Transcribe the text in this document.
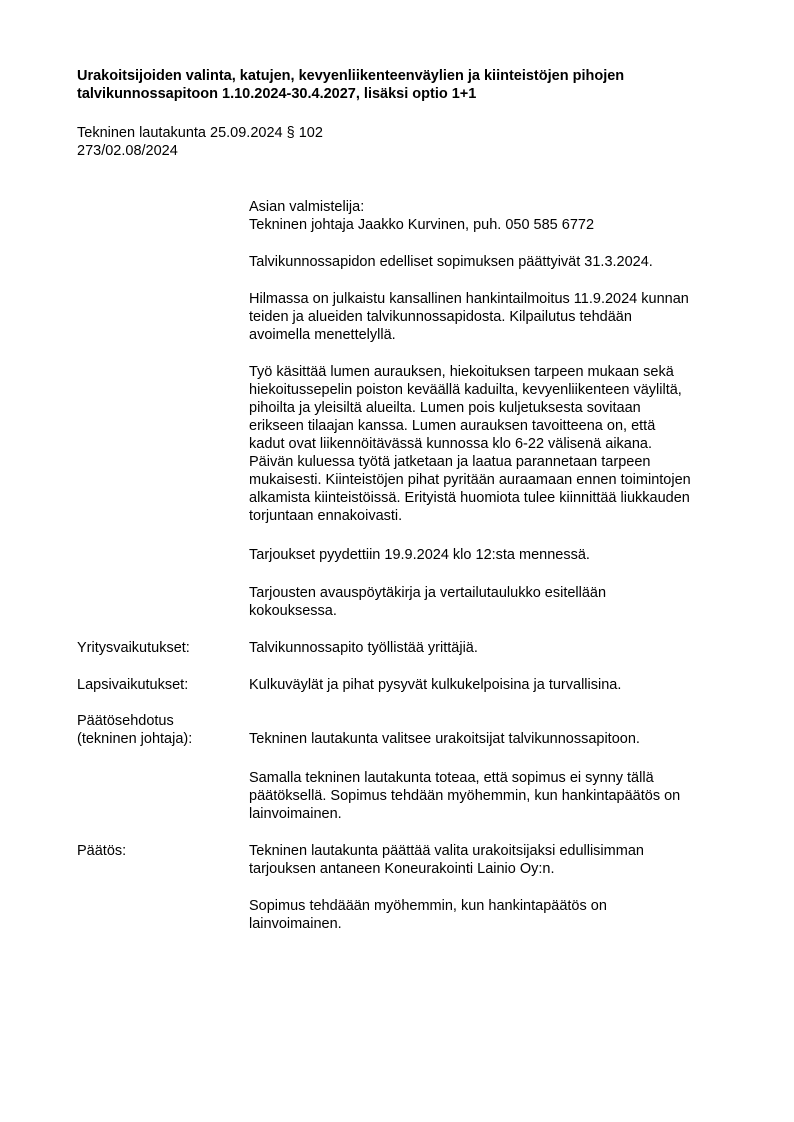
Urakoitsijoiden valinta, katujen, kevyenliikenteenväylien ja kiinteistöjen pihojen
talvikunnossapitoon 1.10.2024-30.4.2027, lisäksi optio 1+1
Tekninen lautakunta 25.09.2024 § 102
273/02.08/2024
Asian valmistelija:
Tekninen johtaja Jaakko Kurvinen, puh. 050 585 6772
Talvikunnossapidon edelliset sopimuksen päättyivät 31.3.2024.
Hilmassa on julkaistu kansallinen hankintailmoitus 11.9.2024 kunnan
teiden ja alueiden talvikunnossapidosta. Kilpailutus tehdään
avoimella menettelyllä.
Työ käsittää lumen aurauksen, hiekoituksen tarpeen mukaan sekä
hiekoitussepelin poiston keväällä kaduilta, kevyenliikenteen väyliltä,
pihoilta ja yleisiltä alueilta. Lumen pois kuljetuksesta sovitaan
erikseen tilaajan kanssa. Lumen aurauksen tavoitteena on, että
kadut ovat liikennöitävässä kunnossa klo 6-22 välisenä aikana.
Päivän kuluessa työtä jatketaan ja laatua parannetaan tarpeen
mukaisesti. Kiinteistöjen pihat pyritään auraamaan ennen toimintojen
alkamista kiinteistöissä. Erityistä huomiota tulee kiinnittää liukkauden
torjuntaan ennakoivasti.
Tarjoukset pyydettiin 19.9.2024 klo 12:sta mennessä.
Tarjousten avauspöytäkirja ja vertailutaulukko esitellään
kokouksessa.
Yritysvaikutukset:	Talvikunnossapito työllistää yrittäjiä.
Lapsivaikutukset:	Kulkuväylät ja pihat pysyvät kulkukelpoisina ja turvallisina.
Päätösehdotus
(tekninen johtaja):	Tekninen lautakunta valitsee urakoitsijat talvikunnossapitoon.
Samalla tekninen lautakunta toteaa, että sopimus ei synny tällä
päätöksellä. Sopimus tehdään myöhemmin, kun hankintapäätös on
lainvoimainen.
Päätös:	Tekninen lautakunta päättää valita urakoitsijaksi edullisimman
tarjouksen antaneen Koneurakointi Lainio Oy:n.
Sopimus tehdäään myöhemmin, kun hankintapäätös on
lainvoimainen.
